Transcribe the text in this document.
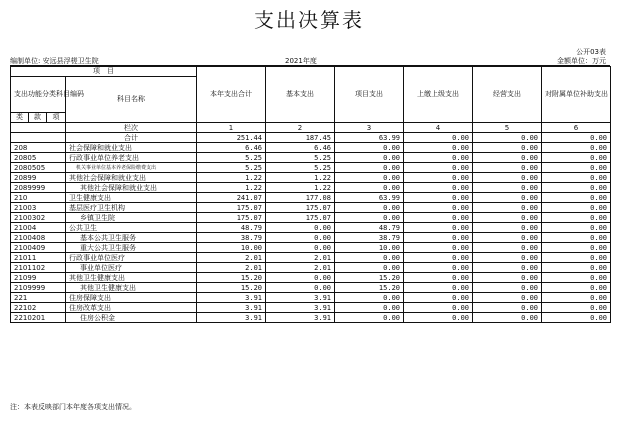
支出决算表
编制单位: 安远县浮槎卫生院	2021年度
公开03表
金额单位：万元
项　目				本年支出合计	基本支出	项目支出	上缴上级支出	经营支出	对附属单位补助支出
支出功能分类科目编码			科目名称						
类	款	项							
			栏次	1	2	3	4	5	6
			合计	251.44	187.45	63.99	0.00	0.00	0.00
208			社会保障和就业支出	6.46	6.46	0.00	0.00	0.00	0.00
20805			行政事业单位养老支出	5.25	5.25	0.00	0.00	0.00	0.00
2080505			机关事业单位基本养老保险缴费支出	5.25	5.25	0.00	0.00	0.00	0.00
20899			其他社会保障和就业支出	1.22	1.22	0.00	0.00	0.00	0.00
2089999			其他社会保障和就业支出	1.22	1.22	0.00	0.00	0.00	0.00
210			卫生健康支出	241.07	177.08	63.99	0.00	0.00	0.00
21003			基层医疗卫生机构	175.07	175.07	0.00	0.00	0.00	0.00
2100302			乡镇卫生院	175.07	175.07	0.00	0.00	0.00	0.00
21004			公共卫生	48.79	0.00	48.79	0.00	0.00	0.00
2100408			基本公共卫生服务	38.79	0.00	38.79	0.00	0.00	0.00
2100409			重大公共卫生服务	10.00	0.00	10.00	0.00	0.00	0.00
21011			行政事业单位医疗	2.01	2.01	0.00	0.00	0.00	0.00
2101102			事业单位医疗	2.01	2.01	0.00	0.00	0.00	0.00
21099			其他卫生健康支出	15.20	0.00	15.20	0.00	0.00	0.00
2109999			其他卫生健康支出	15.20	0.00	15.20	0.00	0.00	0.00
221			住房保障支出	3.91	3.91	0.00	0.00	0.00	0.00
22102			住房改革支出	3.91	3.91	0.00	0.00	0.00	0.00
2210201			住房公积金	3.91	3.91	0.00	0.00	0.00	0.00
注：本表反映部门本年度各项支出情况。
